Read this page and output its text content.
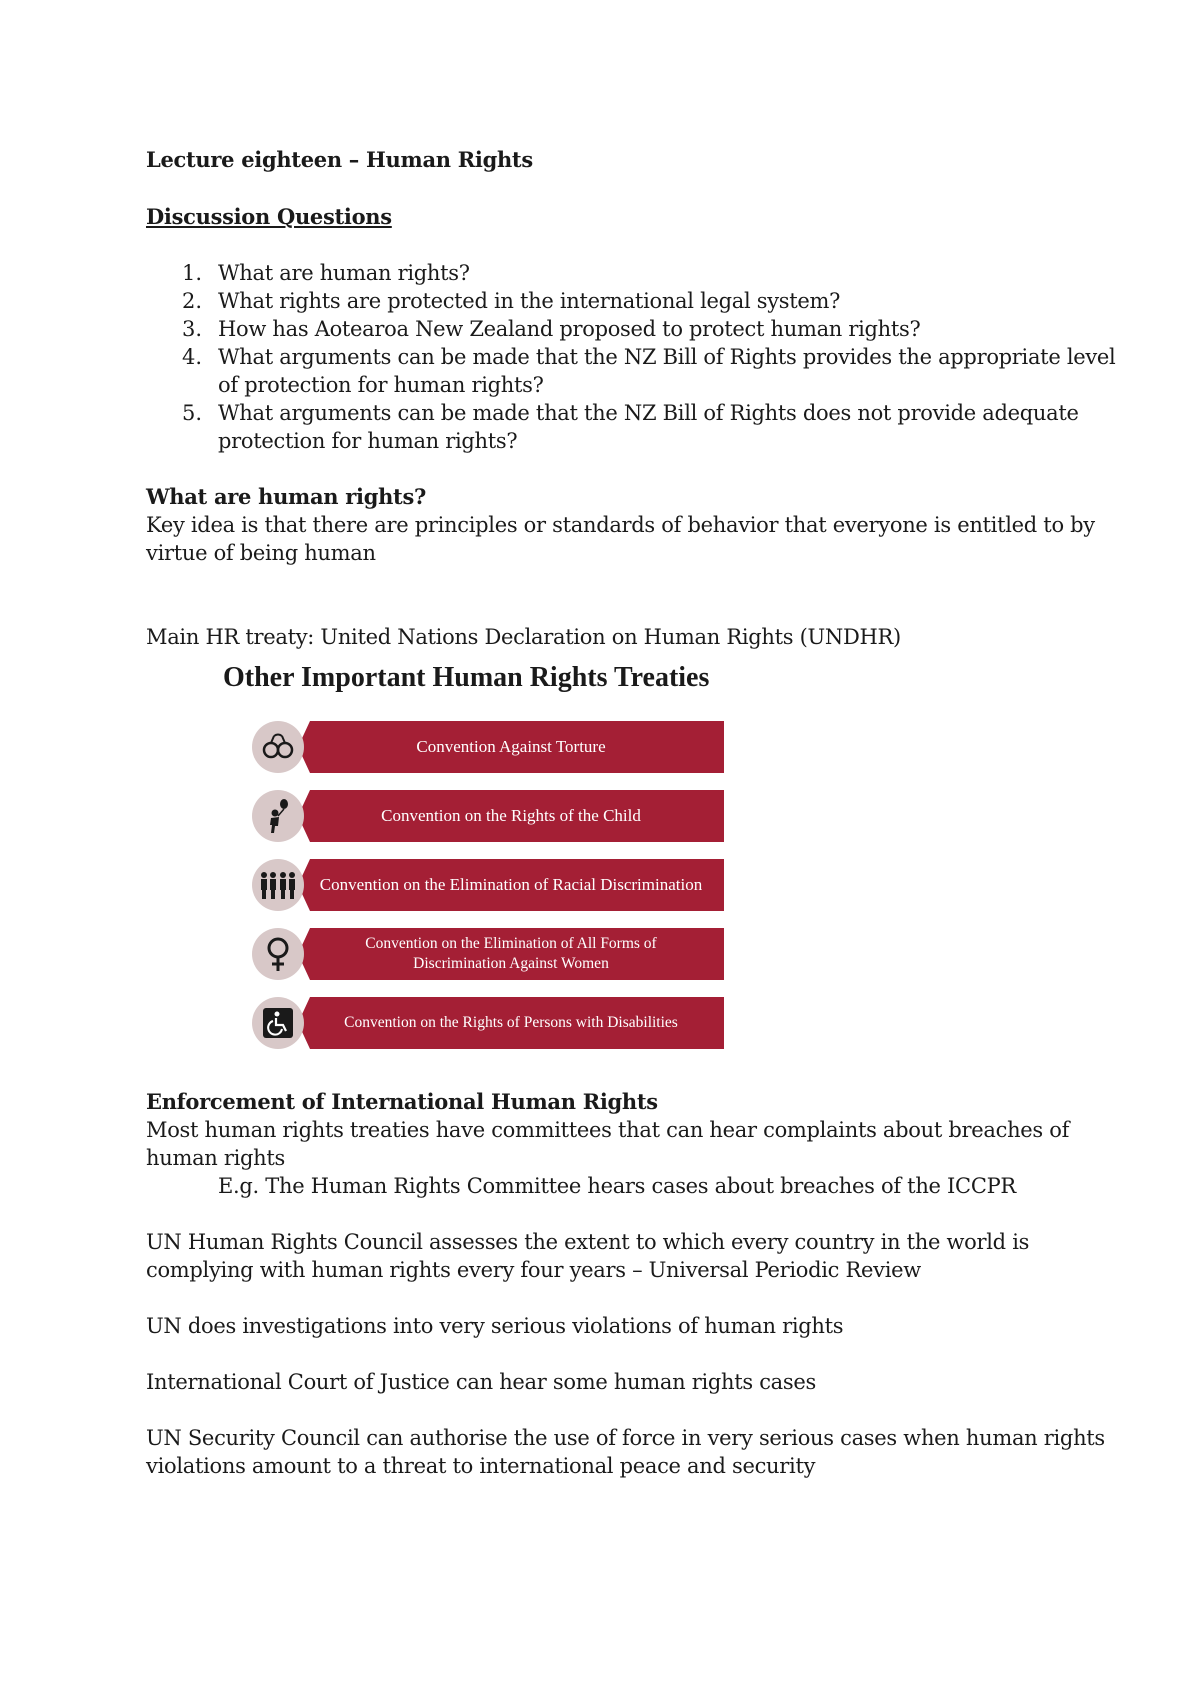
Lecture eighteen – Human Rights
Discussion Questions
1. What are human rights?
2. What rights are protected in the international legal system?
3. How has Aotearoa New Zealand proposed to protect human rights?
4. What arguments can be made that the NZ Bill of Rights provides the appropriate level
of protection for human rights?
5. What arguments can be made that the NZ Bill of Rights does not provide adequate
protection for human rights?
What are human rights?
Key idea is that there are principles or standards of behavior that everyone is entitled to by
virtue of being human
Main HR treaty: United Nations Declaration on Human Rights (UNDHR)
Other Important Human Rights Treaties
Convention Against Torture
Convention on the Rights of the Child
Convention on the Elimination of Racial Discrimination
Convention on the Elimination of All Forms of Discrimination Against Women
Convention on the Rights of Persons with Disabilities
Enforcement of International Human Rights
Most human rights treaties have committees that can hear complaints about breaches of
human rights
E.g. The Human Rights Committee hears cases about breaches of the ICCPR
UN Human Rights Council assesses the extent to which every country in the world is
complying with human rights every four years – Universal Periodic Review
UN does investigations into very serious violations of human rights
International Court of Justice can hear some human rights cases
UN Security Council can authorise the use of force in very serious cases when human rights
violations amount to a threat to international peace and security
